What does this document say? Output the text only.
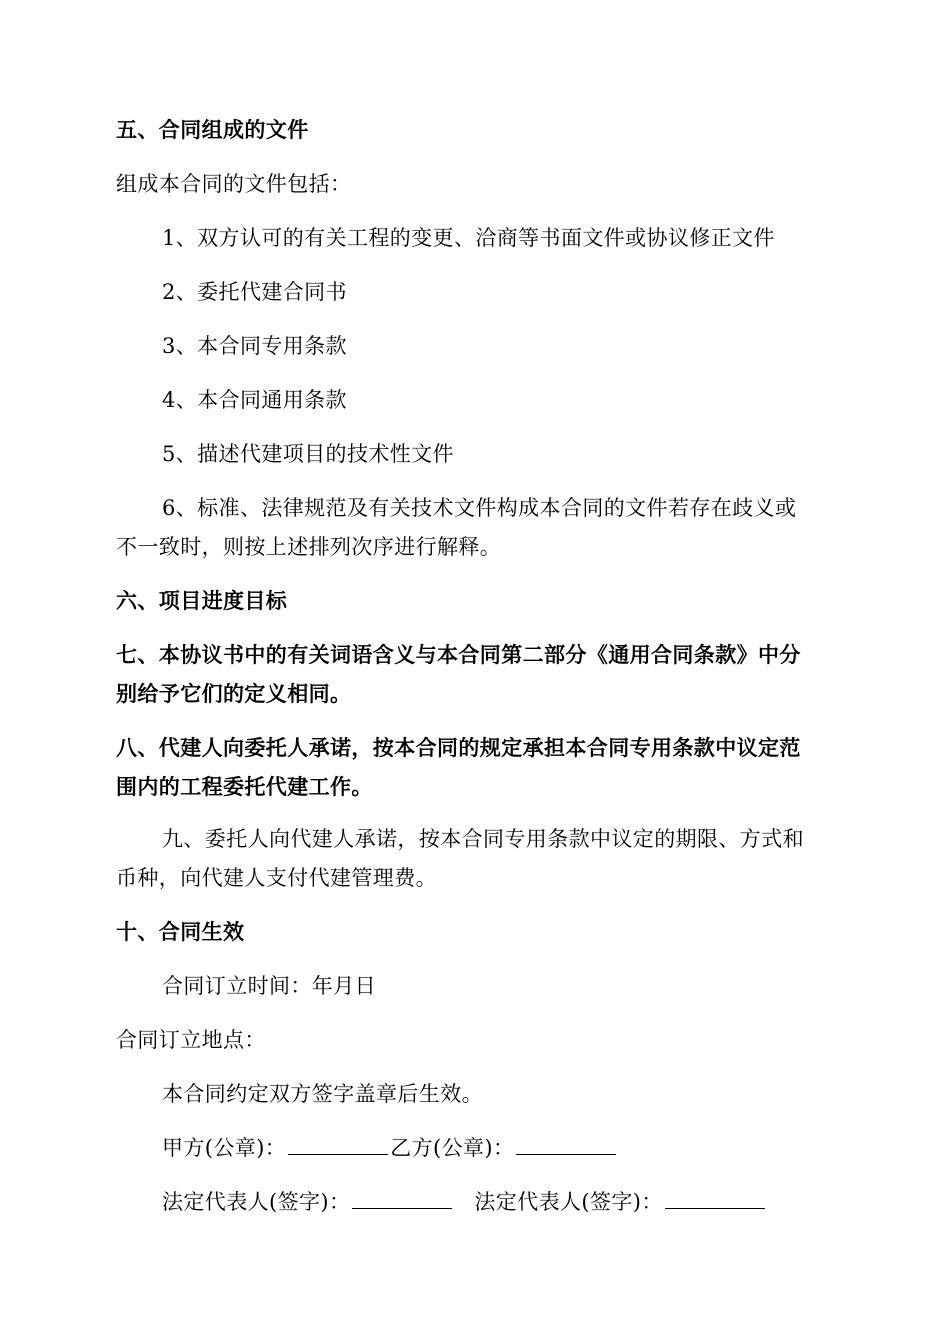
五、合同组成的文件
组成本合同的文件包括：
1、双方认可的有关工程的变更、洽商等书面文件或协议修正文件
2、委托代建合同书
3、本合同专用条款
4、本合同通用条款
5、描述代建项目的技术性文件
6、标准、法律规范及有关技术文件构成本合同的文件若存在歧义或
不一致时，则按上述排列次序进行解释。
六、项目进度目标
七、本协议书中的有关词语含义与本合同第二部分《通用合同条款》中分
别给予它们的定义相同。
八、代建人向委托人承诺，按本合同的规定承担本合同专用条款中议定范
围内的工程委托代建工作。
九、委托人向代建人承诺，按本合同专用条款中议定的期限、方式和
币种，向代建人支付代建管理费。
十、合同生效
合同订立时间：年月日
合同订立地点：
本合同约定双方签字盖章后生效。
甲方(公章)：	乙方(公章)：
法定代表人(签字)：	法定代表人(签字)：
